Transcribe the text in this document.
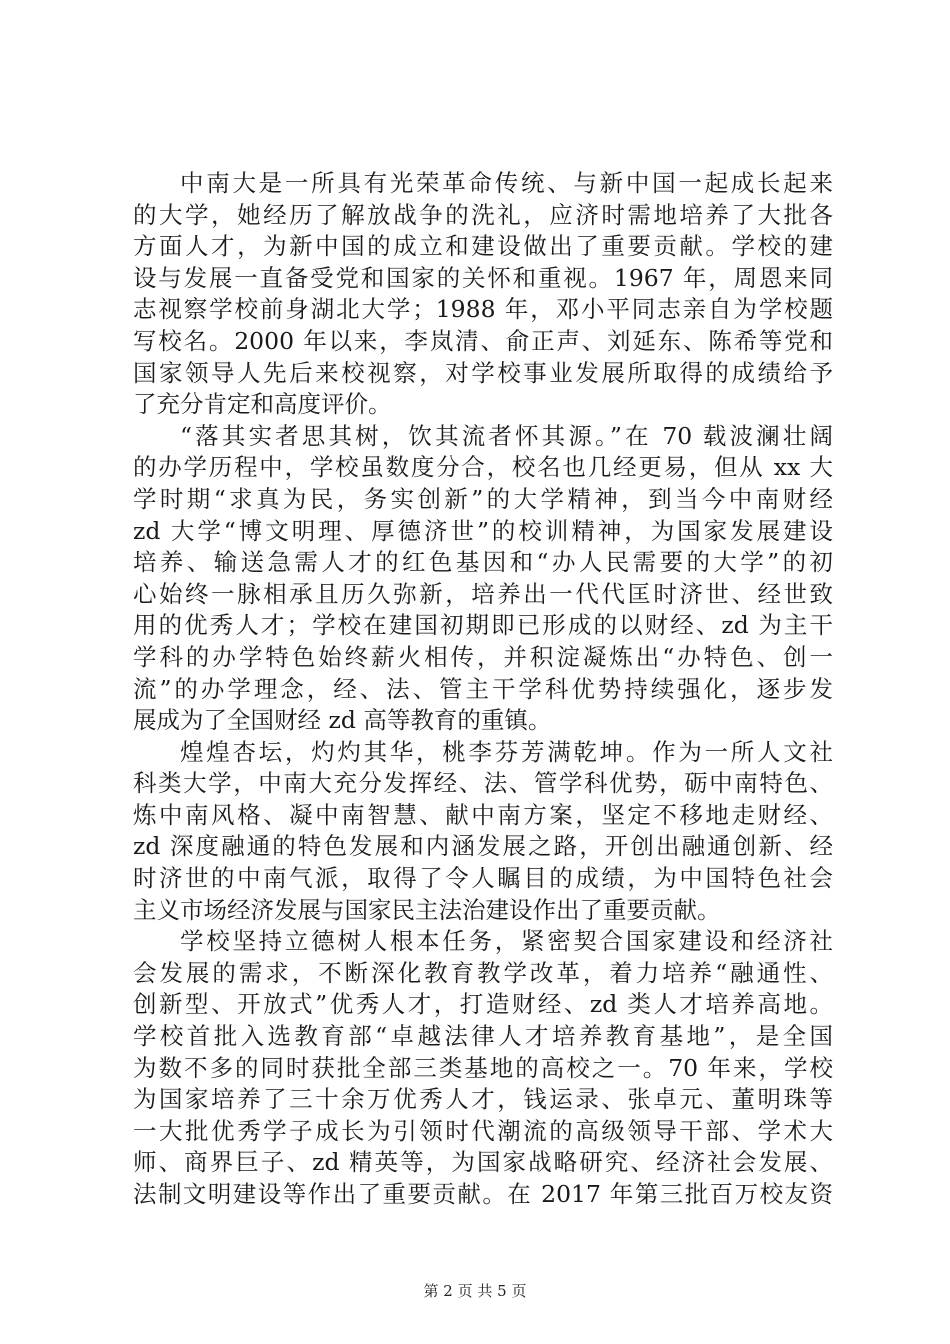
中南大是一所具有光荣革命传统、与新中国一起成长起来
的大学，她经历了解放战争的洗礼，应济时需地培养了大批各
方面人才，为新中国的成立和建设做出了重要贡献。学校的建
设与发展一直备受党和国家的关怀和重视。1967 年，周恩来同
志视察学校前身湖北大学；1988 年，邓小平同志亲自为学校题
写校名。2000 年以来，李岚清、俞正声、刘延东、陈希等党和
国家领导人先后来校视察，对学校事业发展所取得的成绩给予
了充分肯定和高度评价。
“落其实者思其树，饮其流者怀其源。”在 70 载波澜壮阔
的办学历程中，学校虽数度分合，校名也几经更易，但从 xx 大
学时期“求真为民，务实创新”的大学精神，到当今中南财经
zd 大学“博文明理、厚德济世”的校训精神，为国家发展建设
培养、输送急需人才的红色基因和“办人民需要的大学”的初
心始终一脉相承且历久弥新，培养出一代代匡时济世、经世致
用的优秀人才；学校在建国初期即已形成的以财经、zd 为主干
学科的办学特色始终薪火相传，并积淀凝炼出“办特色、创一
流”的办学理念，经、法、管主干学科优势持续强化，逐步发
展成为了全国财经 zd 高等教育的重镇。
煌煌杏坛，灼灼其华，桃李芬芳满乾坤。作为一所人文社
科类大学，中南大充分发挥经、法、管学科优势，砺中南特色、
炼中南风格、凝中南智慧、献中南方案，坚定不移地走财经、
zd 深度融通的特色发展和内涵发展之路，开创出融通创新、经
时济世的中南气派，取得了令人瞩目的成绩，为中国特色社会
主义市场经济发展与国家民主法治建设作出了重要贡献。
学校坚持立德树人根本任务，紧密契合国家建设和经济社
会发展的需求，不断深化教育教学改革，着力培养“融通性、
创新型、开放式”优秀人才，打造财经、zd 类人才培养高地。
学校首批入选教育部“卓越法律人才培养教育基地”，是全国
为数不多的同时获批全部三类基地的高校之一。70 年来，学校
为国家培养了三十余万优秀人才，钱运录、张卓元、董明珠等
一大批优秀学子成长为引领时代潮流的高级领导干部、学术大
师、商界巨子、zd 精英等，为国家战略研究、经济社会发展、
法制文明建设等作出了重要贡献。在 2017 年第三批百万校友资
第 2 页 共 5 页
